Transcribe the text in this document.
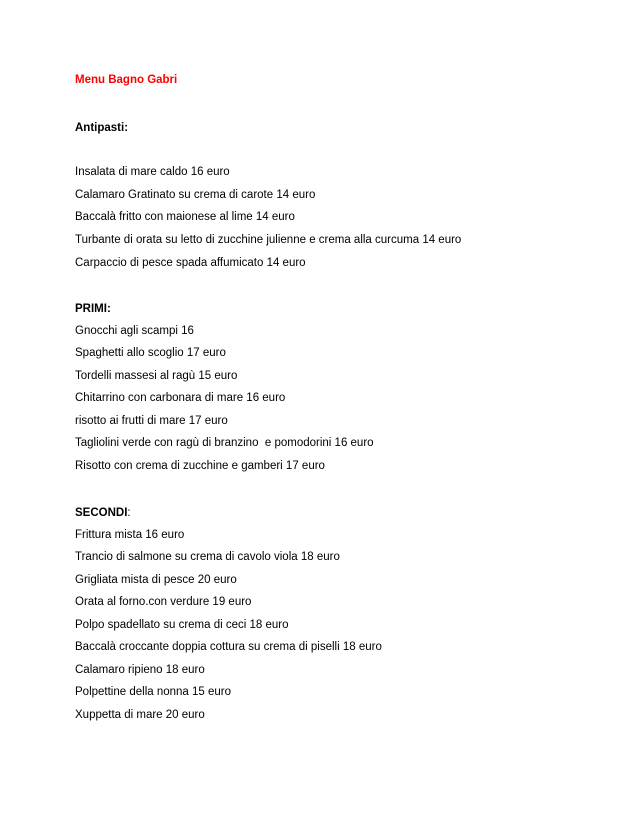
Menu Bagno Gabri
Antipasti:
Insalata di mare caldo 16 euro
Calamaro Gratinato su crema di carote 14 euro
Baccalà fritto con maionese al lime 14 euro
Turbante di orata su letto di zucchine julienne e crema alla curcuma 14 euro
Carpaccio di pesce spada affumicato 14 euro
PRIMI:
Gnocchi agli scampi 16
Spaghetti allo scoglio 17 euro
Tordelli massesi al ragù 15 euro
Chitarrino con carbonara di mare 16 euro
risotto ai frutti di mare 17 euro
Tagliolini verde con ragù di branzino  e pomodorini 16 euro
Risotto con crema di zucchine e gamberi 17 euro
SECONDI:
Frittura mista 16 euro
Trancio di salmone su crema di cavolo viola 18 euro
Grigliata mista di pesce 20 euro
Orata al forno.con verdure 19 euro
Polpo spadellato su crema di ceci 18 euro
Baccalà croccante doppia cottura su crema di piselli 18 euro
Calamaro ripieno 18 euro
Polpettine della nonna 15 euro
Xuppetta di mare 20 euro
